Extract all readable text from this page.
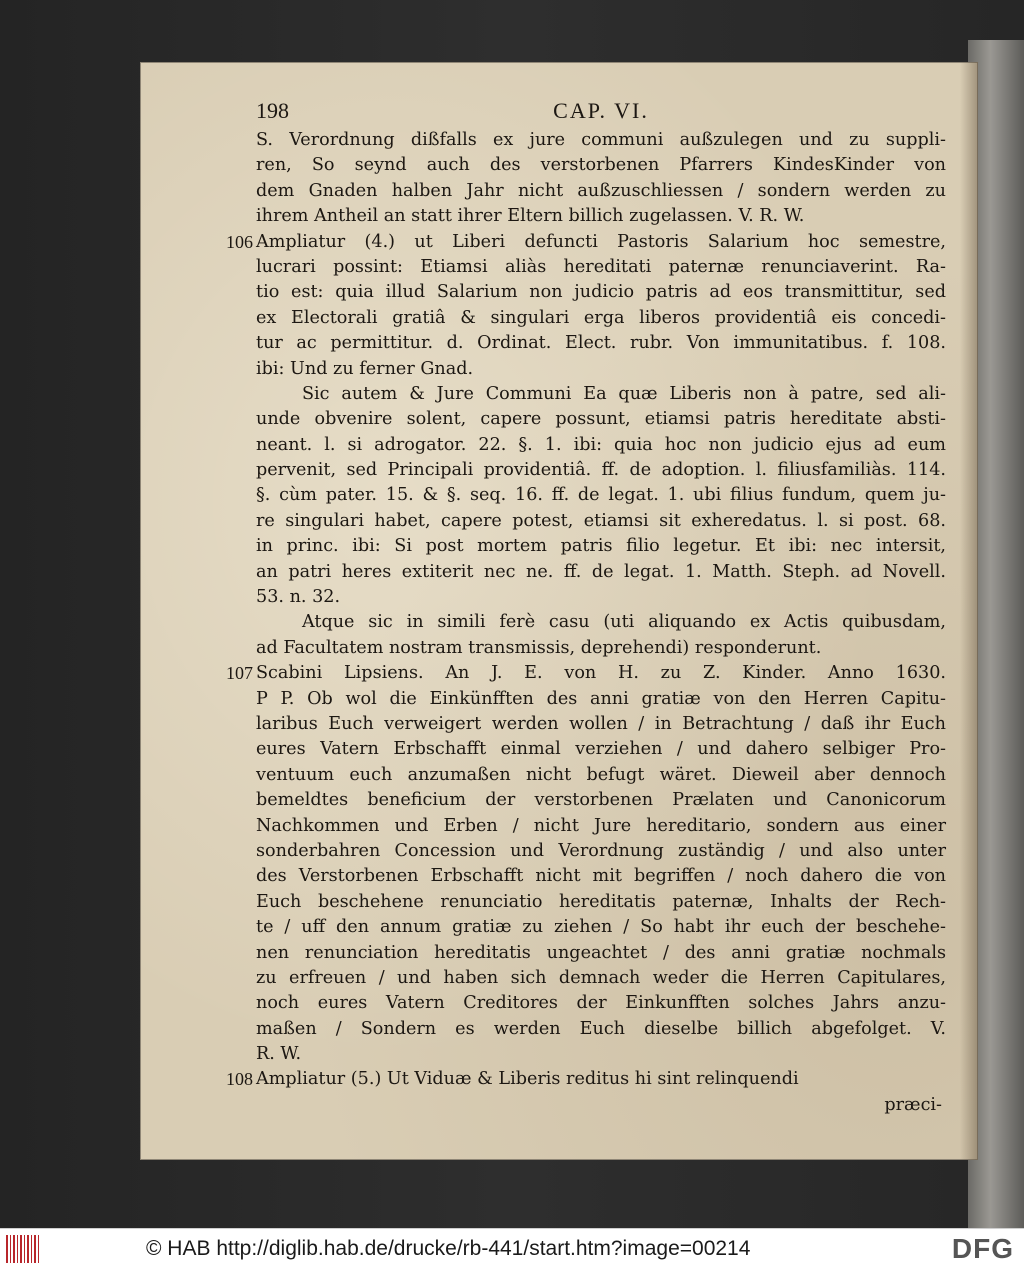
198	CAP. VI.
S. Verordnung dißfalls ex jure communi außzulegen und zu suppli-
ren, So seynd auch des verstorbenen Pfarrers KindesKinder von
dem Gnaden halben Jahr nicht außzuschliessen / sondern werden zu
ihrem Antheil an statt ihrer Eltern billich zugelassen. V. R. W.
106 Ampliatur (4.) ut Liberi defuncti Pastoris Salarium hoc semestre,
lucrari possint: Etiamsi aliàs hereditati paternæ renunciaverint. Ra-
tio est: quia illud Salarium non judicio patris ad eos transmittitur, sed
ex Electorali gratiâ & singulari erga liberos providentiâ eis concedi-
tur ac permittitur. d. Ordinat. Elect. rubr. Von immunitatibus. f. 108.
ibi: Und zu ferner Gnad.
Sic autem & Jure Communi Ea quæ Liberis non à patre, sed ali-
unde obvenire solent, capere possunt, etiamsi patris hereditate absti-
neant. l. si adrogator. 22. §. 1. ibi: quia hoc non judicio ejus ad eum
pervenit, sed Principali providentiâ. ff. de adoption. l. filiusfamiliàs. 114.
§. cùm pater. 15. & §. seq. 16. ff. de legat. 1. ubi filius fundum, quem ju-
re singulari habet, capere potest, etiamsi sit exheredatus. l. si post. 68.
in princ. ibi: Si post mortem patris filio legetur. Et ibi: nec intersit,
an patri heres extiterit nec ne. ff. de legat. 1. Matth. Steph. ad Novell.
53. n. 32.
Atque sic in simili ferè casu (uti aliquando ex Actis quibusdam,
ad Facultatem nostram transmissis, deprehendi) responderunt.
107 Scabini Lipsiens. An J. E. von H. zu Z. Kinder. Anno 1630.
P P. Ob wol die Einkünfften des anni gratiæ von den Herren Capitu-
laribus Euch verweigert werden wollen / in Betrachtung / daß ihr Euch
eures Vatern Erbschafft einmal verziehen / und dahero selbiger Pro-
ventuum euch anzumaßen nicht befugt wäret. Dieweil aber dennoch
bemeldtes beneficium der verstorbenen Prælaten und Canonicorum
Nachkommen und Erben / nicht Jure hereditario, sondern aus einer
sonderbahren Concession und Verordnung zuständig / und also unter
des Verstorbenen Erbschafft nicht mit begriffen / noch dahero die von
Euch beschehene renunciatio hereditatis paternæ, Inhalts der Rech-
te / uff den annum gratiæ zu ziehen / So habt ihr euch der beschehe-
nen renunciation hereditatis ungeachtet / des anni gratiæ nochmals
zu erfreuen / und haben sich demnach weder die Herren Capitulares,
noch eures Vatern Creditores der Einkunfften solches Jahrs anzu-
maßen / Sondern es werden Euch dieselbe billich abgefolget. V.
R. W.
108 Ampliatur (5.) Ut Viduæ & Liberis reditus hi sint relinquendi
præci-
© HAB http://diglib.hab.de/drucke/rb-441/start.htm?image=00214	DFG
